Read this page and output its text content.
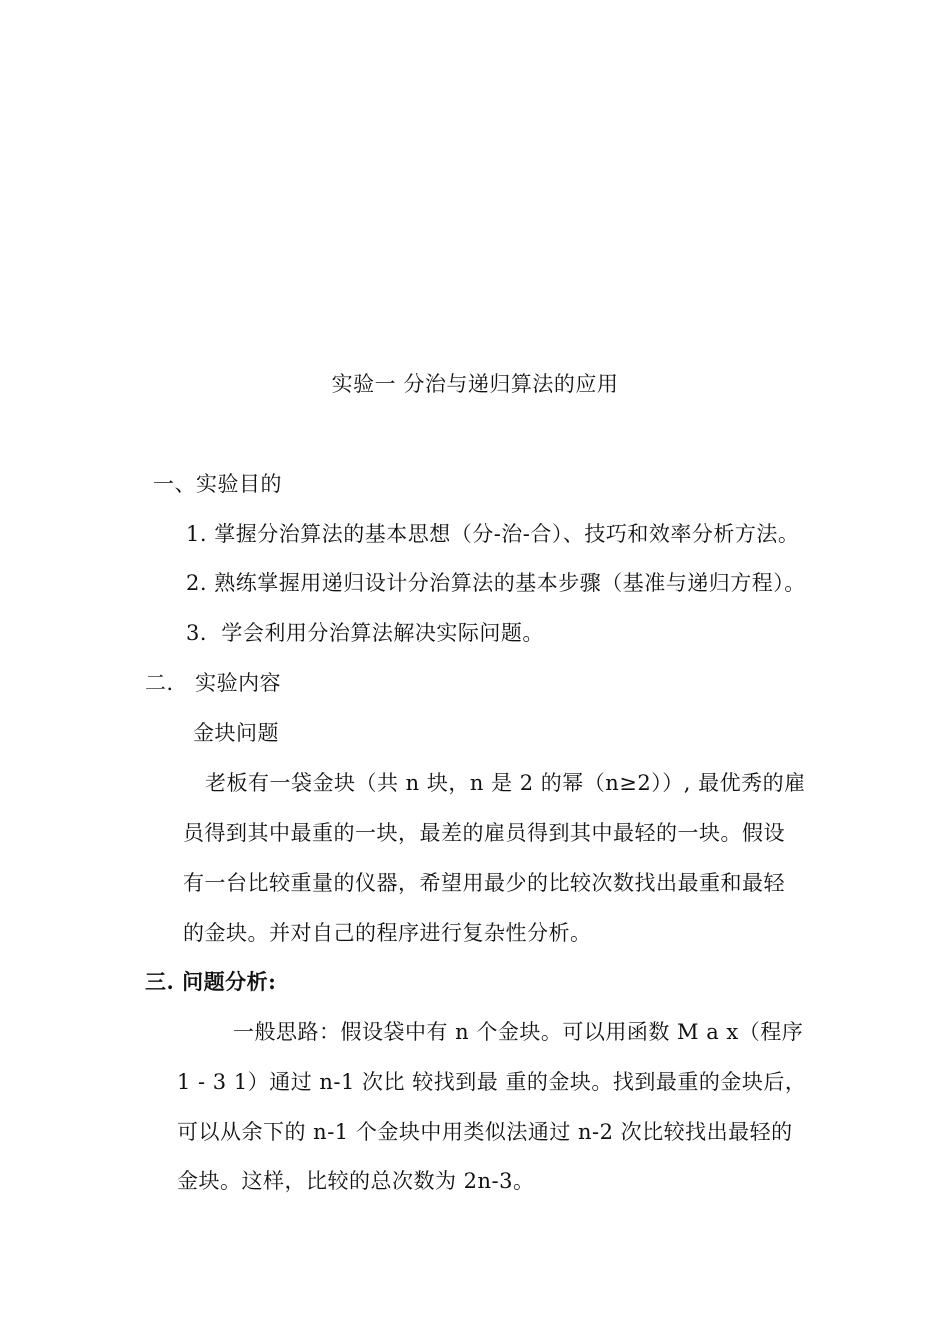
实验一 分治与递归算法的应用
一、实验目的
1. 掌握分治算法的基本思想（分-治-合）、技巧和效率分析方法。
2. 熟练掌握用递归设计分治算法的基本步骤（基准与递归方程）。
3．学会利用分治算法解决实际问题。
二． 实验内容
金块问题
老板有一袋金块（共 n 块，n 是 2 的幂（n≥2））, 最优秀的雇
员得到其中最重的一块，最差的雇员得到其中最轻的一块。假设
有一台比较重量的仪器，希望用最少的比较次数找出最重和最轻
的金块。并对自己的程序进行复杂性分析。
三. 问题分析:
一般思路：假设袋中有 n 个金块。可以用函数 M a x（程序
1 - 3 1）通过 n-1 次比 较找到最 重的金块。找到最重的金块后，
可以从余下的 n-1 个金块中用类似法通过 n-2 次比较找出最轻的
金块。这样，比较的总次数为 2n-3。
